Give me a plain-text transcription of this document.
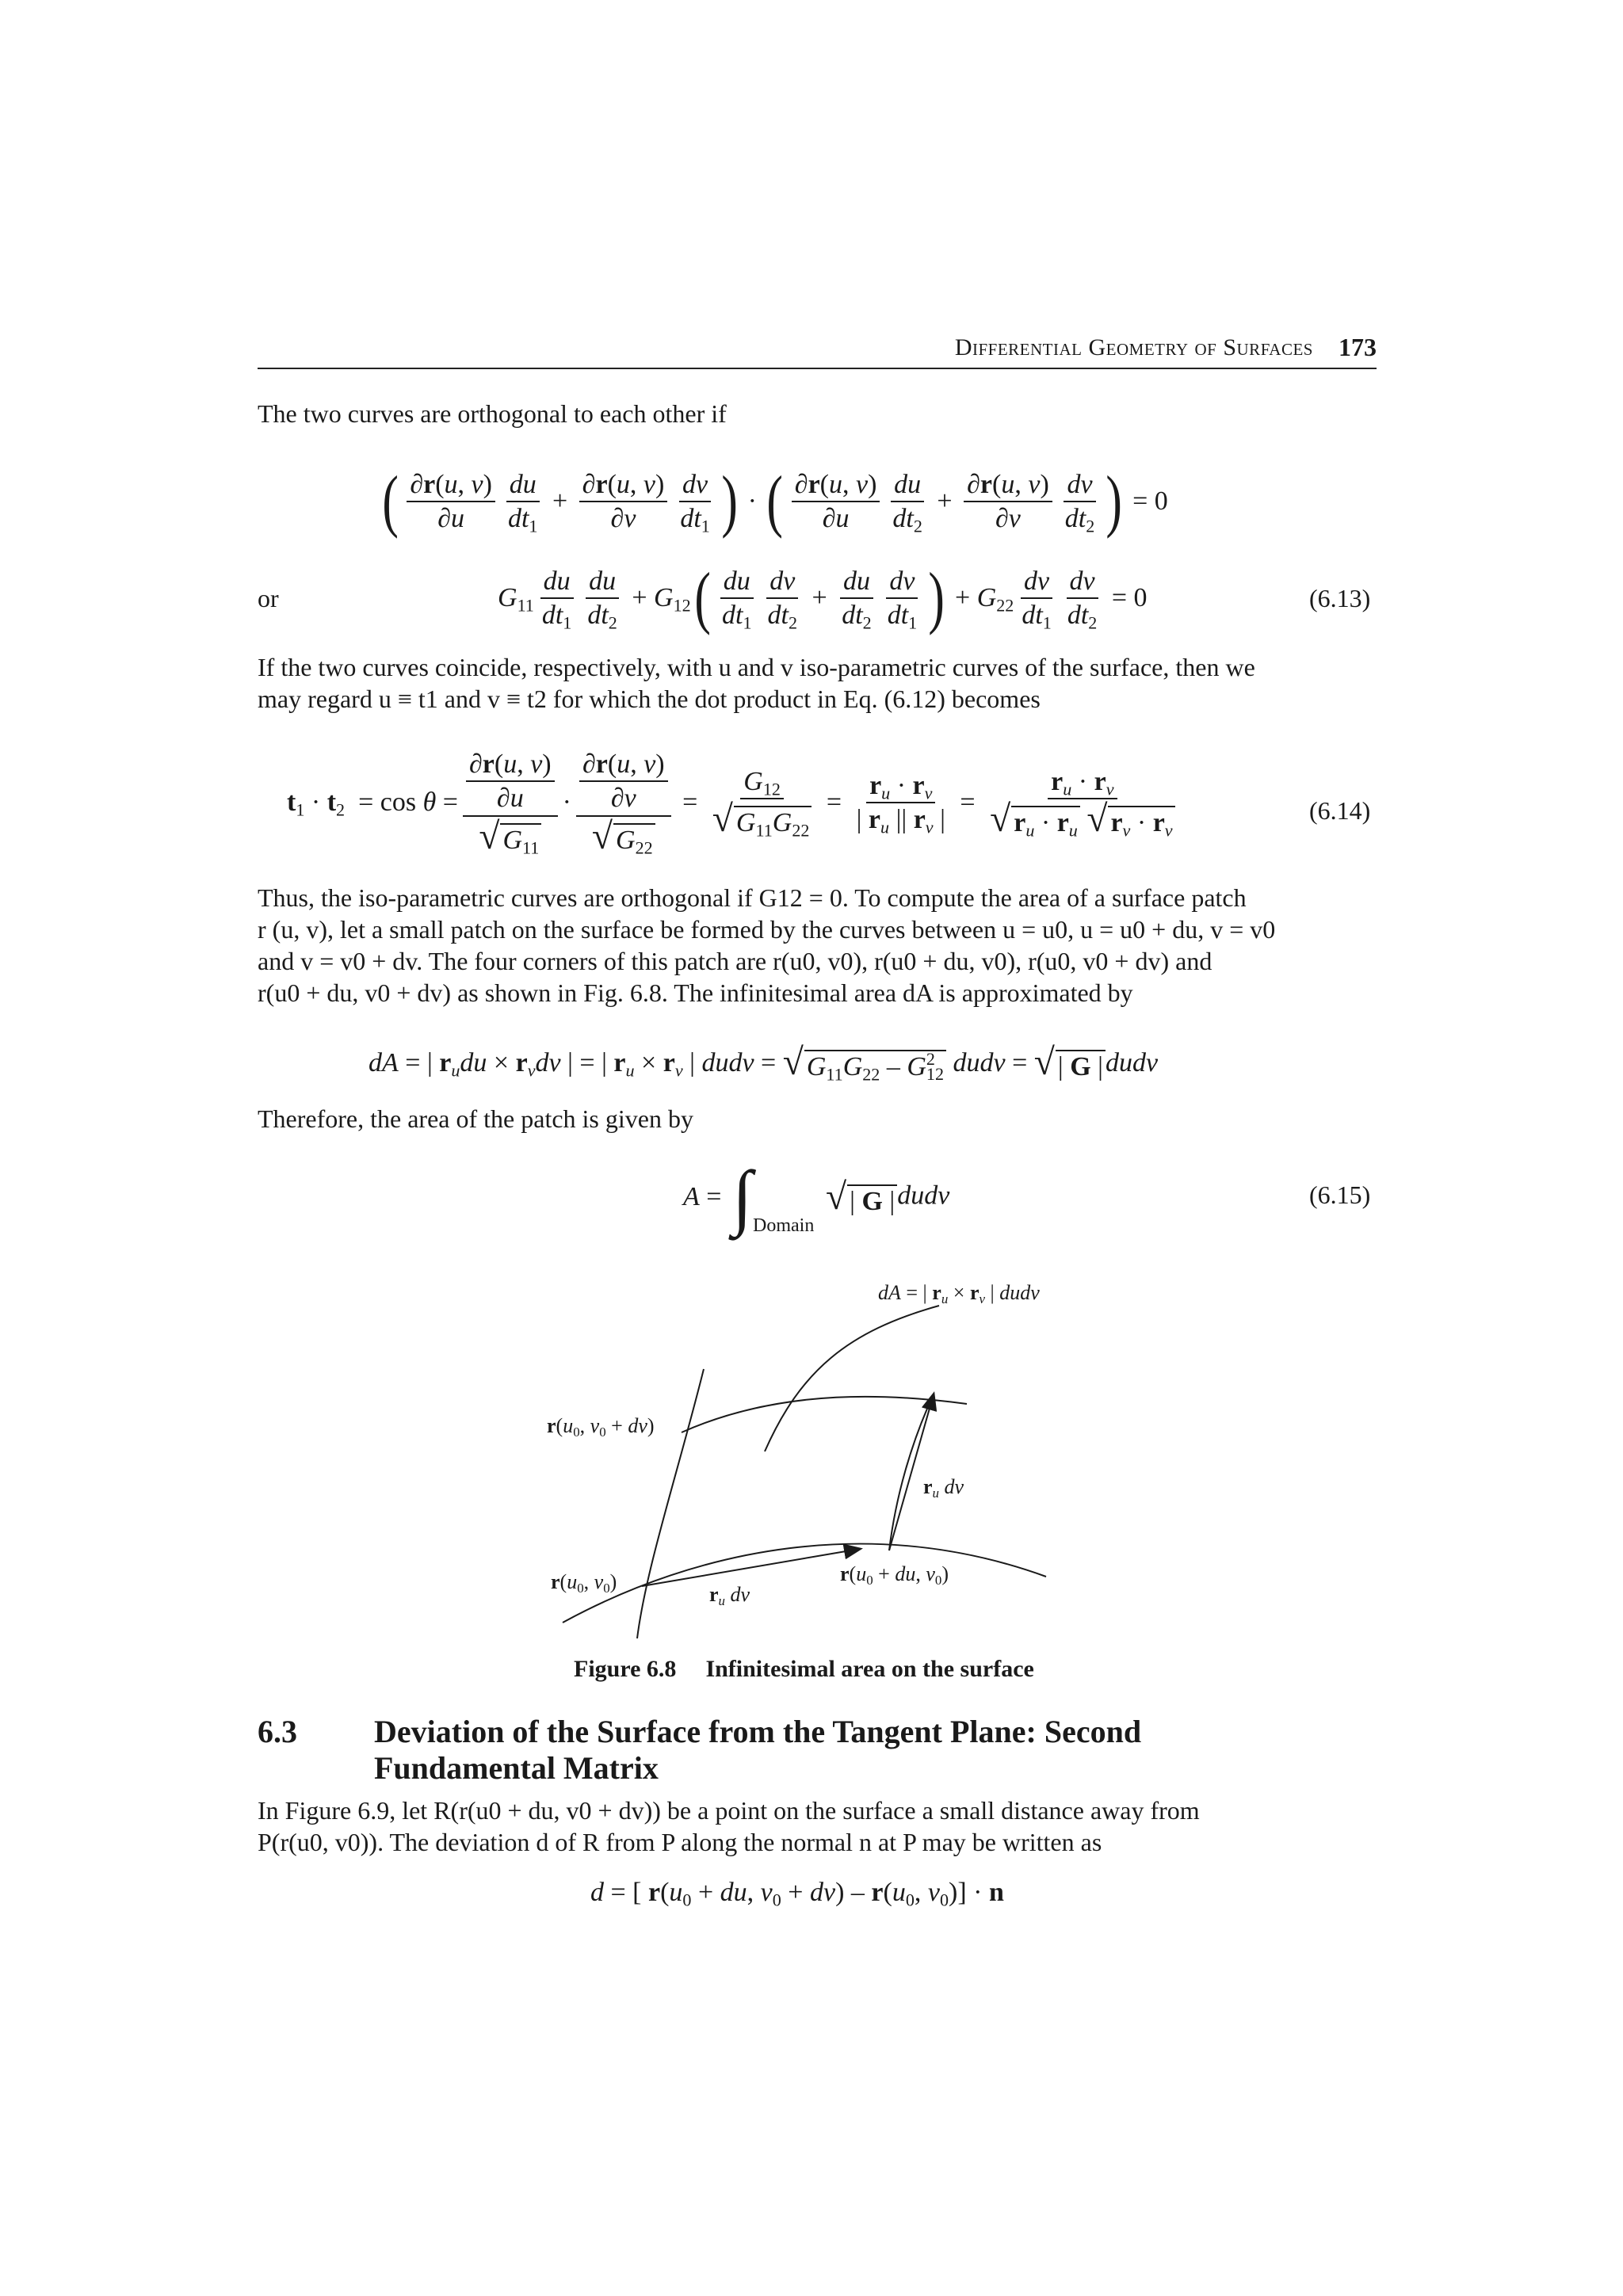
Differential Geometry of Surfaces 173
The two curves are orthogonal to each other if
( $\frac{\partial r(u, v)}{\partial u} \frac{du}{dt_1} + \frac{\partial r(u, v)}{\partial v} \frac{dv}{dt_1}$ ) · ( $\frac{\partial r(u, v)}{\partial u} \frac{du}{dt_2} + \frac{\partial r(u, v)}{\partial v} \frac{dv}{dt_2}$ ) = 0
or	$G_{11} \frac{du}{dt_1} \frac{du}{dt_2} + G_{12}$ ( $\frac{du}{dt_1} \frac{dv}{dt_2} + \frac{du}{dt_2} \frac{dv}{dt_1}$ ) + $G_{22} \frac{dv}{dt_1} \frac{dv}{dt_2} = 0$	(6.13)
If the two curves coincide, respectively, with u and v iso-parametric curves of the surface, then we
may regard u ≡ t1 and v ≡ t2 for which the dot product in Eq. (6.12) becomes
$t_1 \cdot t_2 = \cos \theta = \frac{\frac{\partial r(u, v)}{\partial u}}{√ G_{11}} \cdot \frac{\frac{\partial r(u, v)}{\partial v}}{√ G_{22}} = \frac{G_{12}}{√ G_{11}G_{22}} = \frac{r_u \cdot r_v}{| r_u || r_v |} = r_u \cdot r_v$
√ $r_u \cdot r_u$
√ $r_v \cdot r_v$	(6.14)
Thus, the iso-parametric curves are orthogonal if G12 = 0. To compute the area of a surface patch
r (u, v), let a small patch on the surface be formed by the curves between u = u0, u = u0 + du, v = v0
and v = v0 + dv. The four corners of this patch are r(u0, v0), r(u0 + du, v0), r(u0, v0 + dv) and
r(u0 + du, v0 + dv) as shown in Fig. 6.8. The infinitesimal area dA is approximated by
dA = | $r_udu \times r_vdv$ | = | $r_u \times r_v$ | dudv = √ $G_{11}G_{22} - G^2_{12}$ dudv = √ | G | dudv
Therefore, the area of the patch is given by
A = ∫ Domain
√ | G | dudv	(6.15)
dA = | $r_u \times r_v$ | dudv
$r(u_0$, $v_0 + dv$)
$r_u$ dv
$r(u_0$, $v_0$)	$r(u_0$ + du, $v_0$)
$r_u$ dv
Figure 6.8 Infinitesimal area on the surface
6.3	Deviation of the Surface from the Tangent Plane: Second
Fundamental Matrix
In Figure 6.9, let R(r(u0 + du, v0 + dv)) be a point on the surface a small distance away from
P(r(u0, v0)). The deviation d of R from P along the normal n at P may be written as
d = [ $r(u_0$ + du, $v_0 + dv) - r(u_0$, $v_0)] \cdot n$
